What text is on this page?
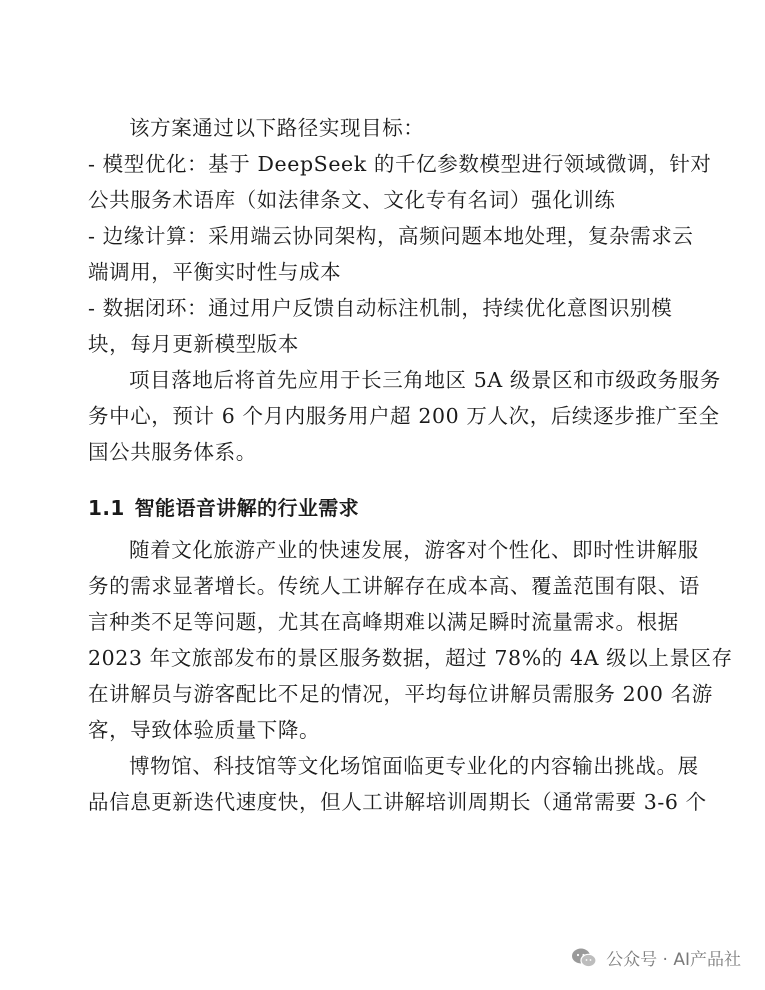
该方案通过以下路径实现目标：
- 模型优化：基于 DeepSeek 的千亿参数模型进行领域微调，针对
公共服务术语库（如法律条文、文化专有名词）强化训练
- 边缘计算：采用端云协同架构，高频问题本地处理，复杂需求云
端调用，平衡实时性与成本
- 数据闭环：通过用户反馈自动标注机制，持续优化意图识别模
块，每月更新模型版本
项目落地后将首先应用于长三角地区 5A 级景区和市级政务服务
务中心，预计 6 个月内服务用户超 200 万人次，后续逐步推广至全
国公共服务体系。
1.1 智能语音讲解的行业需求
随着文化旅游产业的快速发展，游客对个性化、即时性讲解服
务的需求显著增长。传统人工讲解存在成本高、覆盖范围有限、语
言种类不足等问题，尤其在高峰期难以满足瞬时流量需求。根据
2023 年文旅部发布的景区服务数据，超过 78%的 4A 级以上景区存
在讲解员与游客配比不足的情况，平均每位讲解员需服务 200 名游
客，导致体验质量下降。
博物馆、科技馆等文化场馆面临更专业化的内容输出挑战。展
品信息更新迭代速度快，但人工讲解培训周期长（通常需要 3-6 个
公众号 · AI产品社
